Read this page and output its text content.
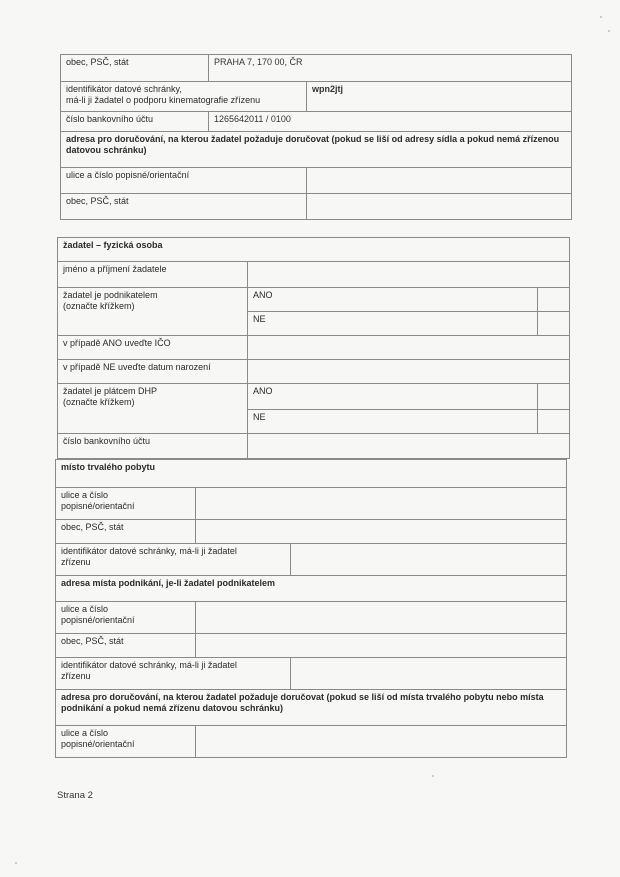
obec, PSČ, stát	PRAHA 7, 170 00, ČR	

identifikátor datové schránky,
má-li ji žadatel o podporu kinematografie zřízenu		wpn2jtj
číslo bankovního účtu	1265642011 / 0100	
adresa pro doručování, na kterou žadatel požaduje doručovat (pokud se liší od adresy sídla a pokud nemá zřízenou datovou schránku)		
ulice a číslo popisné/orientační		
obec, PSČ, stát		
žadatel – fyzická osoba		
jméno a příjmení žadatele		

žadatel je podnikatelem
(označte křížkem)	ANO	
	NE	
v případě ANO uveďte IČO		
v případě NE uveďte datum narození		

žadatel je plátcem DHP
(označte křížkem)	ANO	
	NE	
číslo bankovního účtu		
místo trvalého pobytu		

ulice a číslo
popisné/orientační		

obec, PSČ, stát		

identifikátor datové schránky, má-li ji žadatel
zřízenu		

adresa místa podnikání, je-li žadatel podnikatelem		

ulice a číslo
popisné/orientační		

obec, PSČ, stát		

identifikátor datové schránky, má-li ji žadatel
zřízenu		

adresa pro doručování, na kterou žadatel požaduje doručovat (pokud se liší od místa trvalého pobytu nebo místa podnikání a pokud nemá zřízenu datovou schránku)		

ulice a číslo
popisné/orientační		

Strana 2
